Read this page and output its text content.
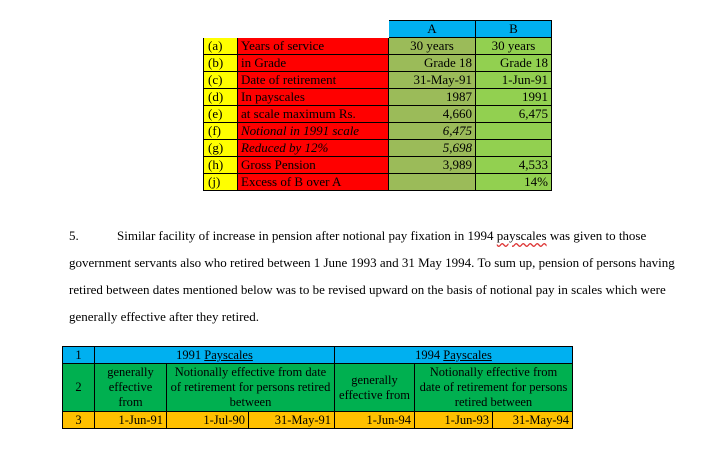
		A	B
(a)	Years of service	30 years	30 years
(b)	in Grade	Grade 18	Grade 18
(c)	Date of retirement	31-May-91	1-Jun-91
(d)	In payscales	1987	1991
(e)	at scale maximum Rs.	4,660	6,475
(f)	Notional in 1991 scale	6,475	
(g)	Reduced by 12%	5,698	
(h)	Gross Pension	3,989	4,533
(j)	Excess of B over A		14%
5.	Similar facility of increase in pension after notional pay fixation in 1994 payscales was given to those government servants also who retired between 1 June 1993 and 31 May 1994. To sum up, pension of persons having retired between dates mentioned below was to be revised upward on the basis of notional pay in scales which were generally effective after they retired.
1	1991 Payscales			1994 Payscales		
2	generally effective from	Notionally effective from date of retirement for persons retired between		generally effective from	Notionally effective from date of retirement for persons retired between	
3	1-Jun-91	1-Jul-90	31-May-91	1-Jun-94	1-Jun-93	31-May-94
